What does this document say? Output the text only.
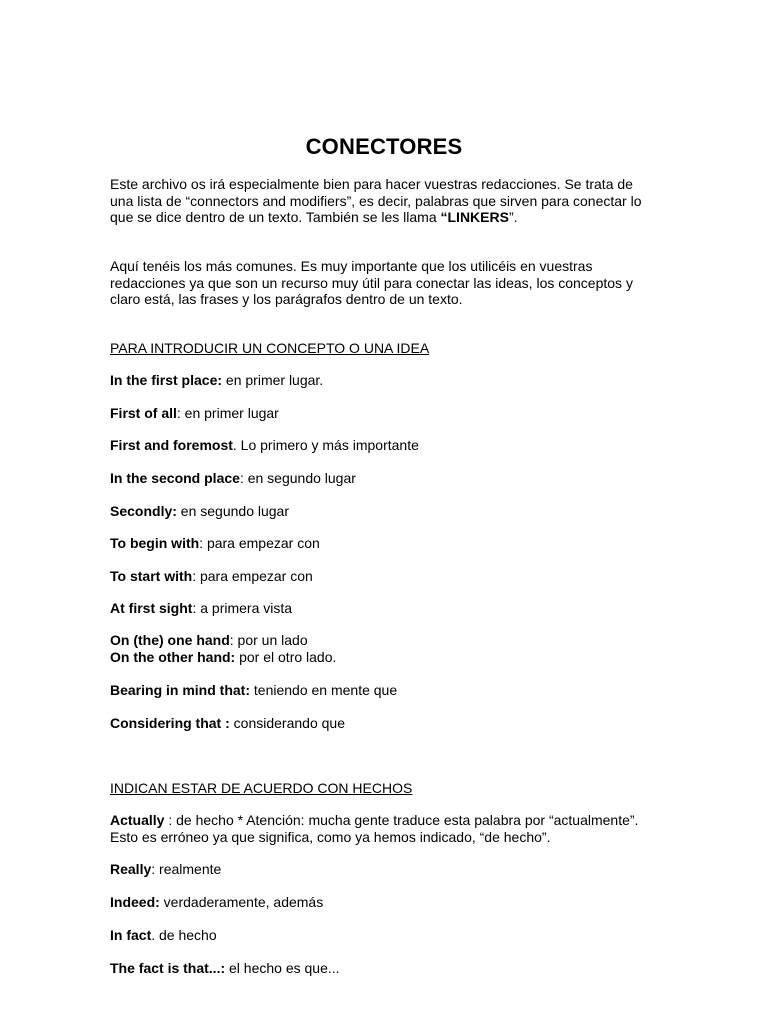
CONECTORES
Este archivo os irá especialmente bien para hacer vuestras redacciones. Se trata de una lista de “connectors and modifiers”, es decir, palabras que sirven para conectar lo que se dice dentro de un texto. También se les llama “LINKERS”.
Aquí tenéis los más comunes. Es muy importante que los utilicéis en vuestras redacciones ya que son un recurso muy útil para conectar las ideas, los conceptos y claro está, las frases y los parágrafos dentro de un texto.
PARA INTRODUCIR UN CONCEPTO O UNA IDEA
In the first place: en primer lugar.
First of all: en primer lugar
First and foremost. Lo primero y más importante
In the second place: en segundo lugar
Secondly: en segundo lugar
To begin with: para empezar con
To start with: para empezar con
At first sight: a primera vista
On (the) one hand: por un lado
On the other hand: por el otro lado.
Bearing in mind that: teniendo en mente que
Considering that : considerando que
INDICAN ESTAR DE ACUERDO CON HECHOS
Actually : de hecho * Atención: mucha gente traduce esta palabra por “actualmente”.
Esto es erróneo ya que significa, como ya hemos indicado, “de hecho”.
Really: realmente
Indeed: verdaderamente, además
In fact. de hecho
The fact is that...: el hecho es que...
